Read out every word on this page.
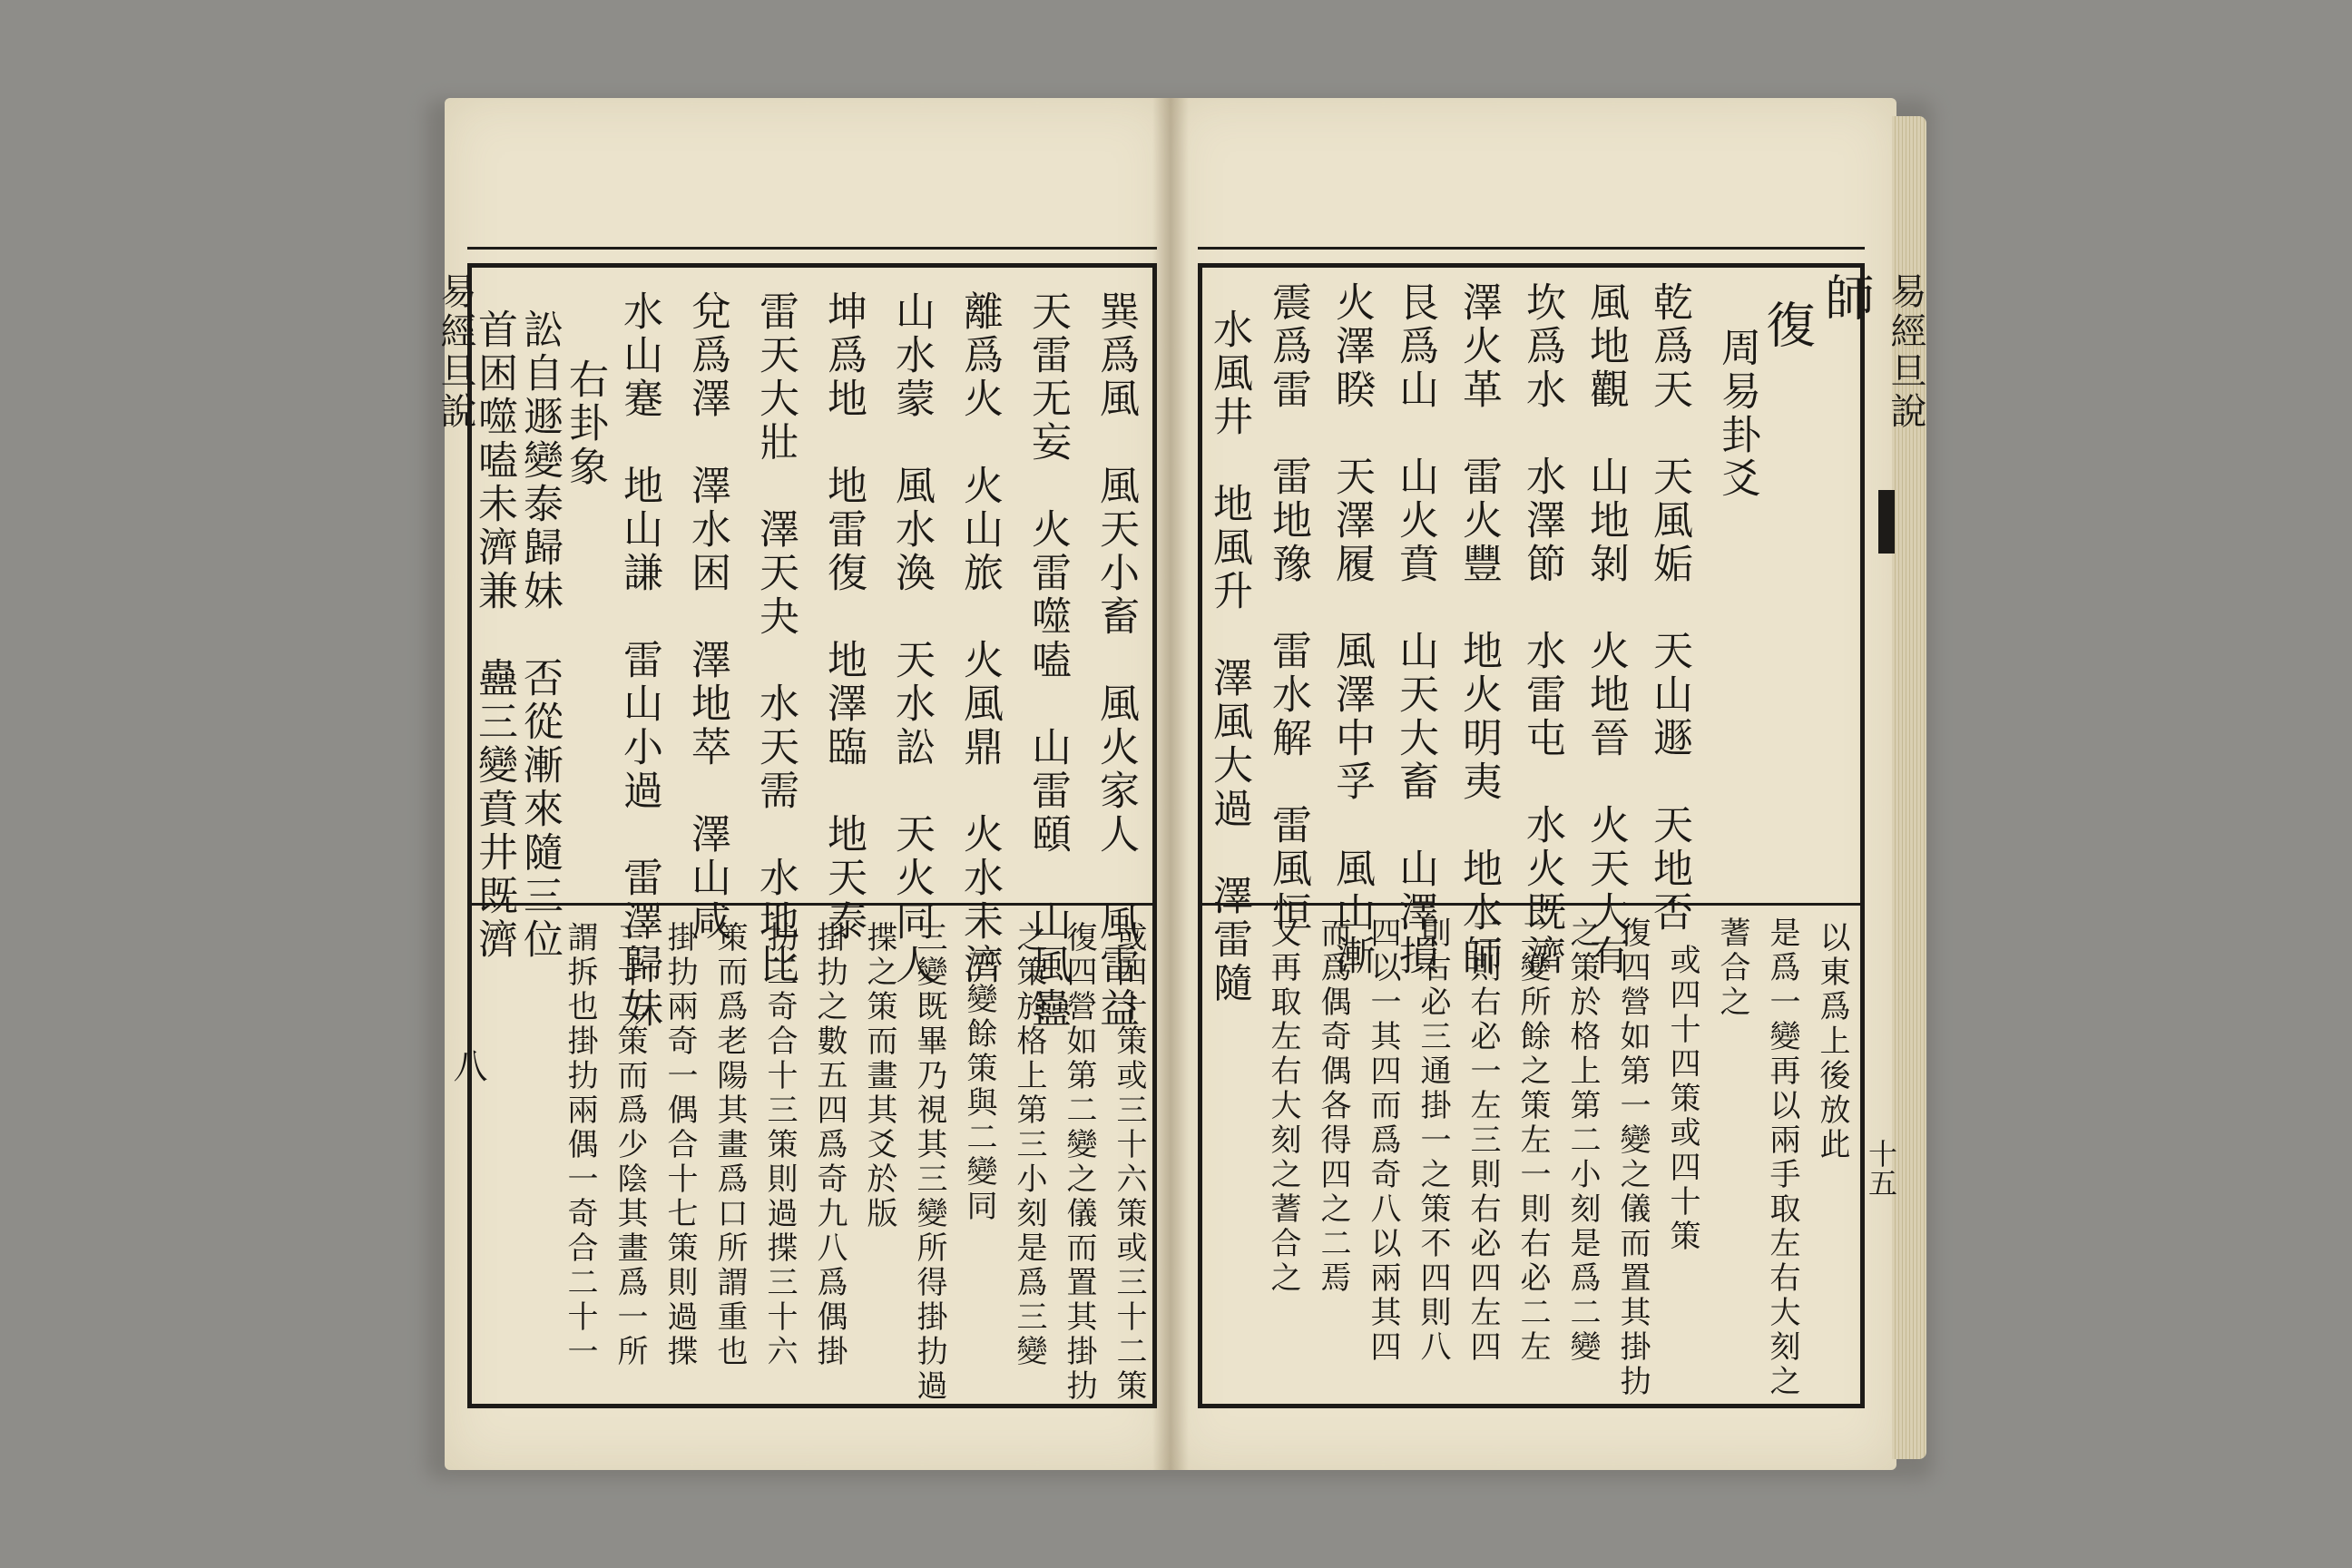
易經旦說
八
巽爲風　風天小畜　風火家人　風雷益
天雷无妄　火雷噬嗑　山雷頤　山風蠱
離爲火　火山旅　火風鼎　火水未濟
山水蒙　風水渙　天水訟　天火同人
坤爲地　地雷復　地澤臨　地天泰
雷天大壯　澤天夬　水天需　水地比
兌爲澤　澤水困　澤地萃　澤山咸
水山蹇　地山謙　雷山小過　雷澤歸妹
右卦象
訟自遯變泰歸妹　否從漸來隨三位
首困噬嗑未濟兼　蠱三變賁井既濟
或四十策或三十六策或三十二策
復四營如第二變之儀而置其掛扐
之策於格上第三小刻是爲三變
三變餘策與二變同
三變既畢乃視其三變所得掛扐過
揲之策而畫其爻於版
掛扐之數五四爲奇九八爲偶掛
扐三奇合十三策則過揲三十六
策而爲老陽其畫爲口所謂重也
掛扐兩奇一偶合十七策則過揲
三十二策而爲少陰其畫爲一所
謂拆也掛扐兩偶一奇合二十一
易經旦說
十五
師
復
周易卦爻
乾爲天　天風姤　天山遯　天地否
風地觀　山地剝　火地晉　火天大有
坎爲水　水澤節　水雷屯　水火既濟
澤火革　雷火豐　地火明夷　地水師
艮爲山　山火賁　山天大畜　山澤損
火澤睽　天澤履　風澤中孚　風山漸
震爲雷　雷地豫　雷水解　雷風恒
水風井　地風升　澤風大過　澤雷隨
以東爲上後放此
是爲一變再以兩手取左右大刻之
蓍合之
或四十四策或四十策
復四營如第一變之儀而置其掛扐
之策於格上第二小刻是爲二變
二變所餘之策左一則右必二左
二則右必一左三則右必四左四
則右必三通掛一之策不四則八
四以一其四而爲奇八以兩其四
而爲偶奇偶各得四之二焉
又再取左右大刻之蓍合之
